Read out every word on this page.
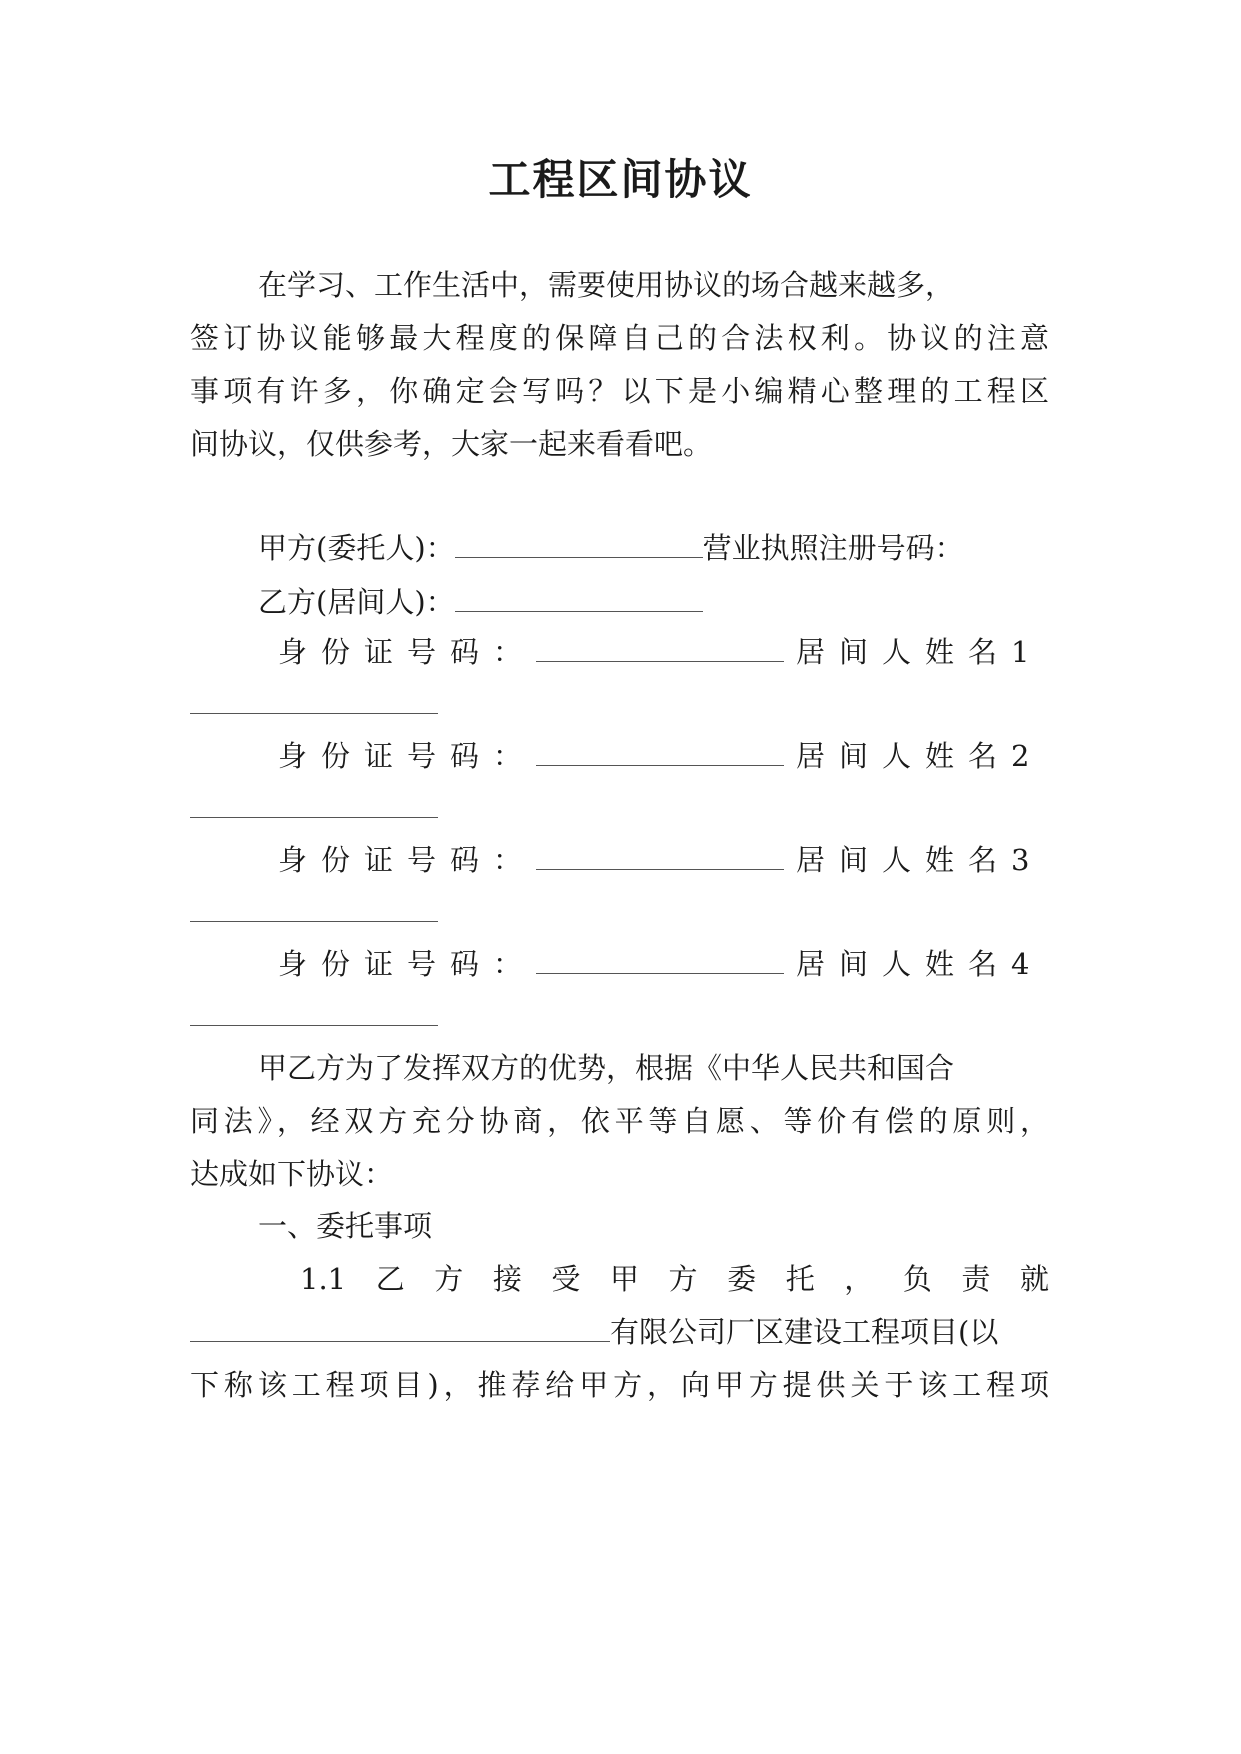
工程区间协议
在学习、工作生活中，需要使用协议的场合越来越多，
签订协议能够最大程度的保障自己的合法权利。协议的注意
事项有许多，你确定会写吗？以下是小编精心整理的工程区
间协议，仅供参考，大家一起来看看吧。
甲方(委托人)：	营业执照注册号码：
乙方(居间人)：
身份证号码：	居间人姓名1
身份证号码：	居间人姓名2
身份证号码：	居间人姓名3
身份证号码：	居间人姓名4
甲乙方为了发挥双方的优势，根据《中华人民共和国合
同法》，经双方充分协商，依平等自愿、等价有偿的原则，
达成如下协议：
一、委托事项
1.1乙方接受甲方委托，负责就
有限公司厂区建设工程项目(以
下称该工程项目)，推荐给甲方，向甲方提供关于该工程项
